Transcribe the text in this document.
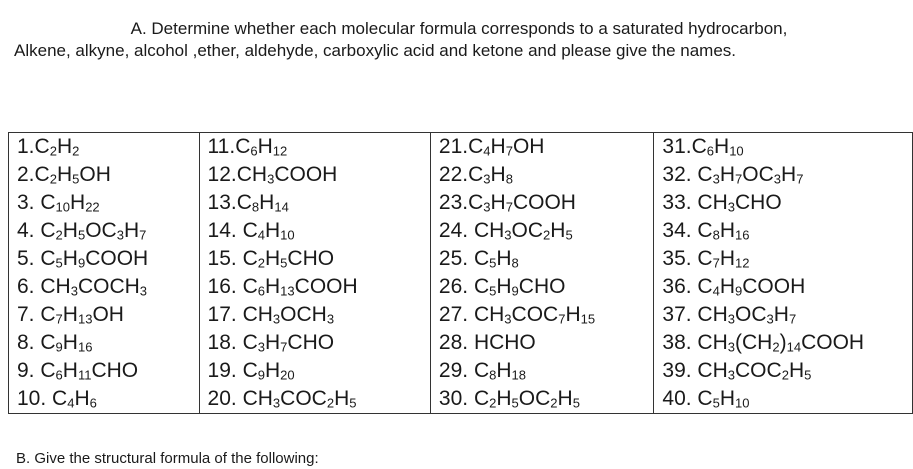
A. Determine whether each molecular formula corresponds to a saturated hydrocarbon,
Alkene, alkyne, alcohol ,ether, aldehyde, carboxylic acid and ketone and please give the names.
$1.C_2H_2$	$11.C_6H_{12}$	$21.C_4H_7OH$	$31.C_6H_{10}$
$2.C_2H_5OH$	$12.CH_3COOH$	$22.C_3H_8$	32. $C_3H_7OC_3H_7$
3. $C_{10}H_{22}$	$13.C_8H_{14}$	$23.C_3H_7COOH$	33. $CH_3CHO$
4. $C_2H_5OC_3H_7$	14. $C_4H_{10}$	24. $CH_3OC_2H_5$	34. $C_8H_{16}$
5. $C_5H_9COOH$	15. $C_2H_5CHO$	25. $C_5H_8$	35. $C_7H_{12}$
6. $CH_3COCH_3$	16. $C_6H_{13}COOH$	26. $C_5H_9CHO$	36. $C_4H_9COOH$
7. $C_7H_{13}OH$	17. $CH_3OCH_3$	27. $CH_3COC_7H_{15}$	37. $CH_3OC_3H_7$
8. $C_9H_{16}$	18. $C_3H_7CHO$	28. HCHO	38. $CH_3(CH_2)_{14}COOH$
9. $C_6H_{11}CHO$	19. $C_9H_{20}$	29. $C_8H_{18}$	39. $CH_3COC_2H_5$
10. $C_4H_6$	20. $CH_3COC_2H_5$	30. $C_2H_5OC_2H_5$	40. $C_5H_{10}$
B. Give the structural formula of the following:
